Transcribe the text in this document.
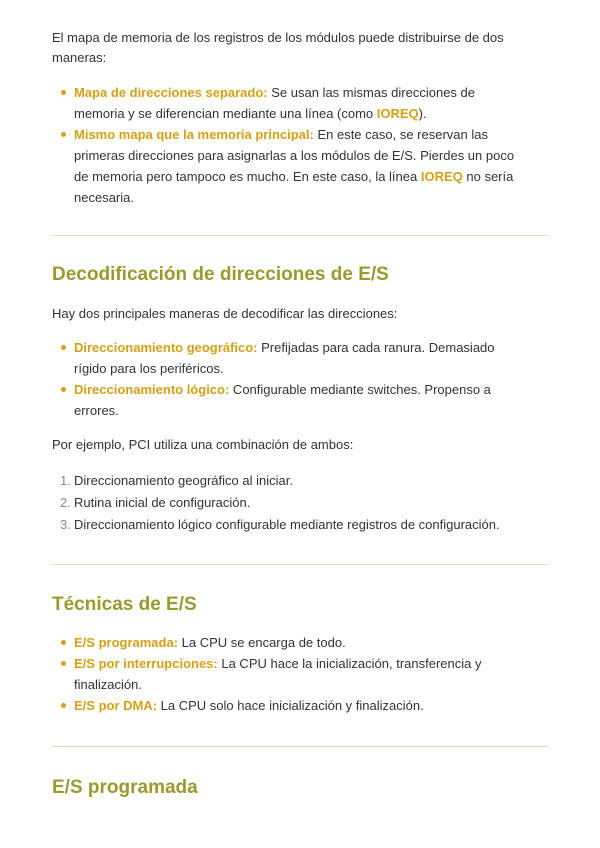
El mapa de memoria de los registros de los módulos puede distribuirse de dos maneras:

Mapa de direcciones separado: Se usan las mismas direcciones de memoria y se diferencian mediante una línea (como IOREQ).
Mismo mapa que la memoria principal: En este caso, se reservan las primeras direcciones para asignarlas a los módulos de E/S. Pierdes un poco de memoria pero tampoco es mucho. En este caso, la línea IOREQ no sería necesaria.
Decodificación de direcciones de E/S

Hay dos principales maneras de decodificar las direcciones:

Direccionamiento geográfico: Prefijadas para cada ranura. Demasiado rígido para los periféricos.
Direccionamiento lógico: Configurable mediante switches. Propenso a errores.

Por ejemplo, PCI utiliza una combinación de ambos:

1. Direccionamiento geográfico al iniciar.
2. Rutina inicial de configuración.
3. Direccionamiento lógico configurable mediante registros de configuración.
Técnicas de E/S
E/S programada: La CPU se encarga de todo.
E/S por interrupciones: La CPU hace la inicialización, transferencia y finalización.
E/S por DMA: La CPU solo hace inicialización y finalización.
E/S programada
